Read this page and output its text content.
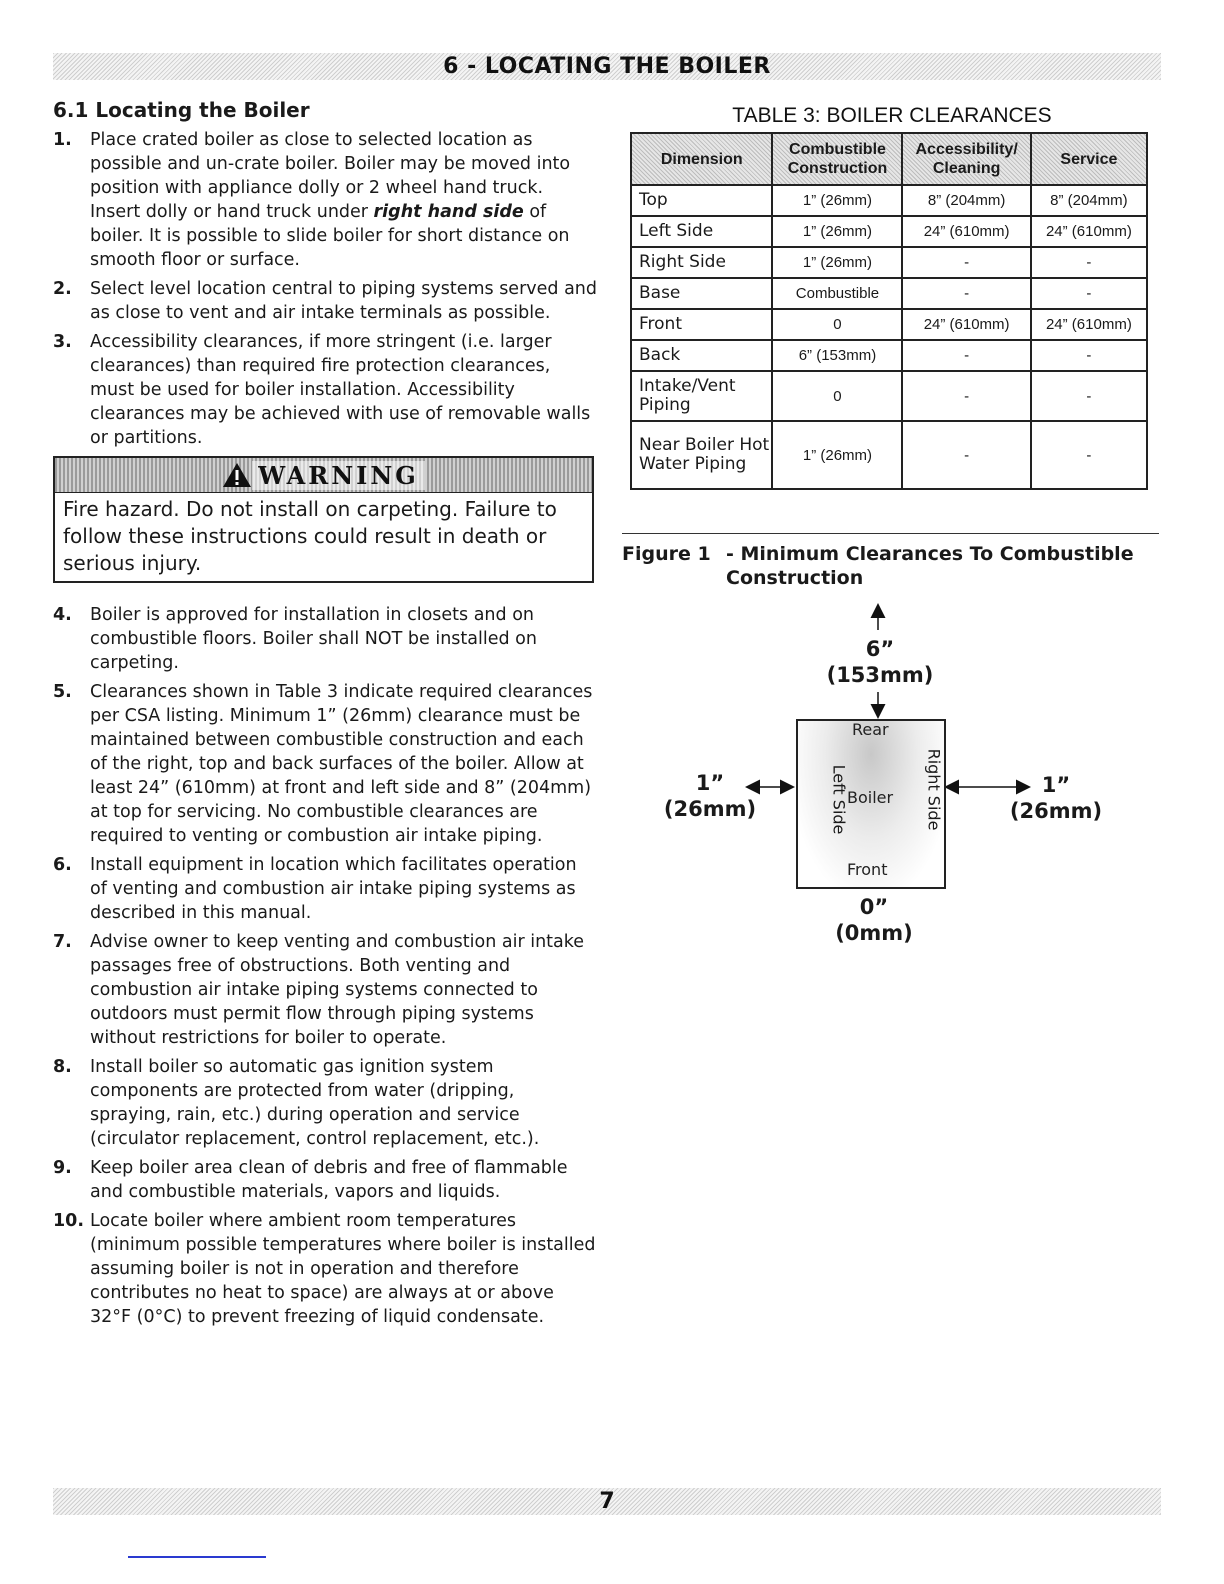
6 - LOCATING THE BOILER
6.1 Locating the Boiler
1. Place crated boiler as close to selected location as possible and un-crate boiler. Boiler may be moved into position with appliance dolly or 2 wheel hand truck. Insert dolly or hand truck under right hand side of boiler. It is possible to slide boiler for short distance on smooth floor or surface.
2. Select level location central to piping systems served and as close to vent and air intake terminals as possible.
3. Accessibility clearances, if more stringent (i.e. larger clearances) than required fire protection clearances, must be used for boiler installation. Accessibility clearances may be achieved with use of removable walls or partitions.
WARNING
Fire hazard. Do not install on carpeting. Failure to follow these instructions could result in death or serious injury.
4. Boiler is approved for installation in closets and on combustible floors. Boiler shall NOT be installed on carpeting.
5. Clearances shown in Table 3 indicate required clearances per CSA listing. Minimum 1” (26mm) clearance must be maintained between combustible construction and each of the right, top and back surfaces of the boiler. Allow at least 24” (610mm) at front and left side and 8” (204mm) at top for servicing. No combustible clearances are required to venting or combustion air intake piping.
6. Install equipment in location which facilitates operation of venting and combustion air intake piping systems as described in this manual.
7. Advise owner to keep venting and combustion air intake passages free of obstructions. Both venting and combustion air intake piping systems connected to outdoors must permit flow through piping systems without restrictions for boiler to operate.
8. Install boiler so automatic gas ignition system components are protected from water (dripping, spraying, rain, etc.) during operation and service (circulator replacement, control replacement, etc.).
9. Keep boiler area clean of debris and free of flammable and combustible materials, vapors and liquids.
10. Locate boiler where ambient room temperatures (minimum possible temperatures where boiler is installed assuming boiler is not in operation and therefore contributes no heat to space) are always at or above 32°F (0°C) to prevent freezing of liquid condensate.
TABLE 3: BOILER CLEARANCES
Dimension	Combustible Construction	Accessibility/ Cleaning	Service
Top	1” (26mm)	8” (204mm)	8” (204mm)
Left Side	1” (26mm)	24” (610mm)	24” (610mm)
Right Side	1” (26mm)	-	-
Base	Combustible	-	-
Front	0	24” (610mm)	24” (610mm)
Back	6” (153mm)	-	-
Intake/Vent Piping	0	-	-
Near Boiler Hot Water Piping	1” (26mm)	-	-
Figure 1 - Minimum Clearances To Combustible
Construction
6”
(153mm)
1”
(26mm)
1”
(26mm)
0”
(0mm)
Rear
Boiler
Front
Left Side	Right Side
7
